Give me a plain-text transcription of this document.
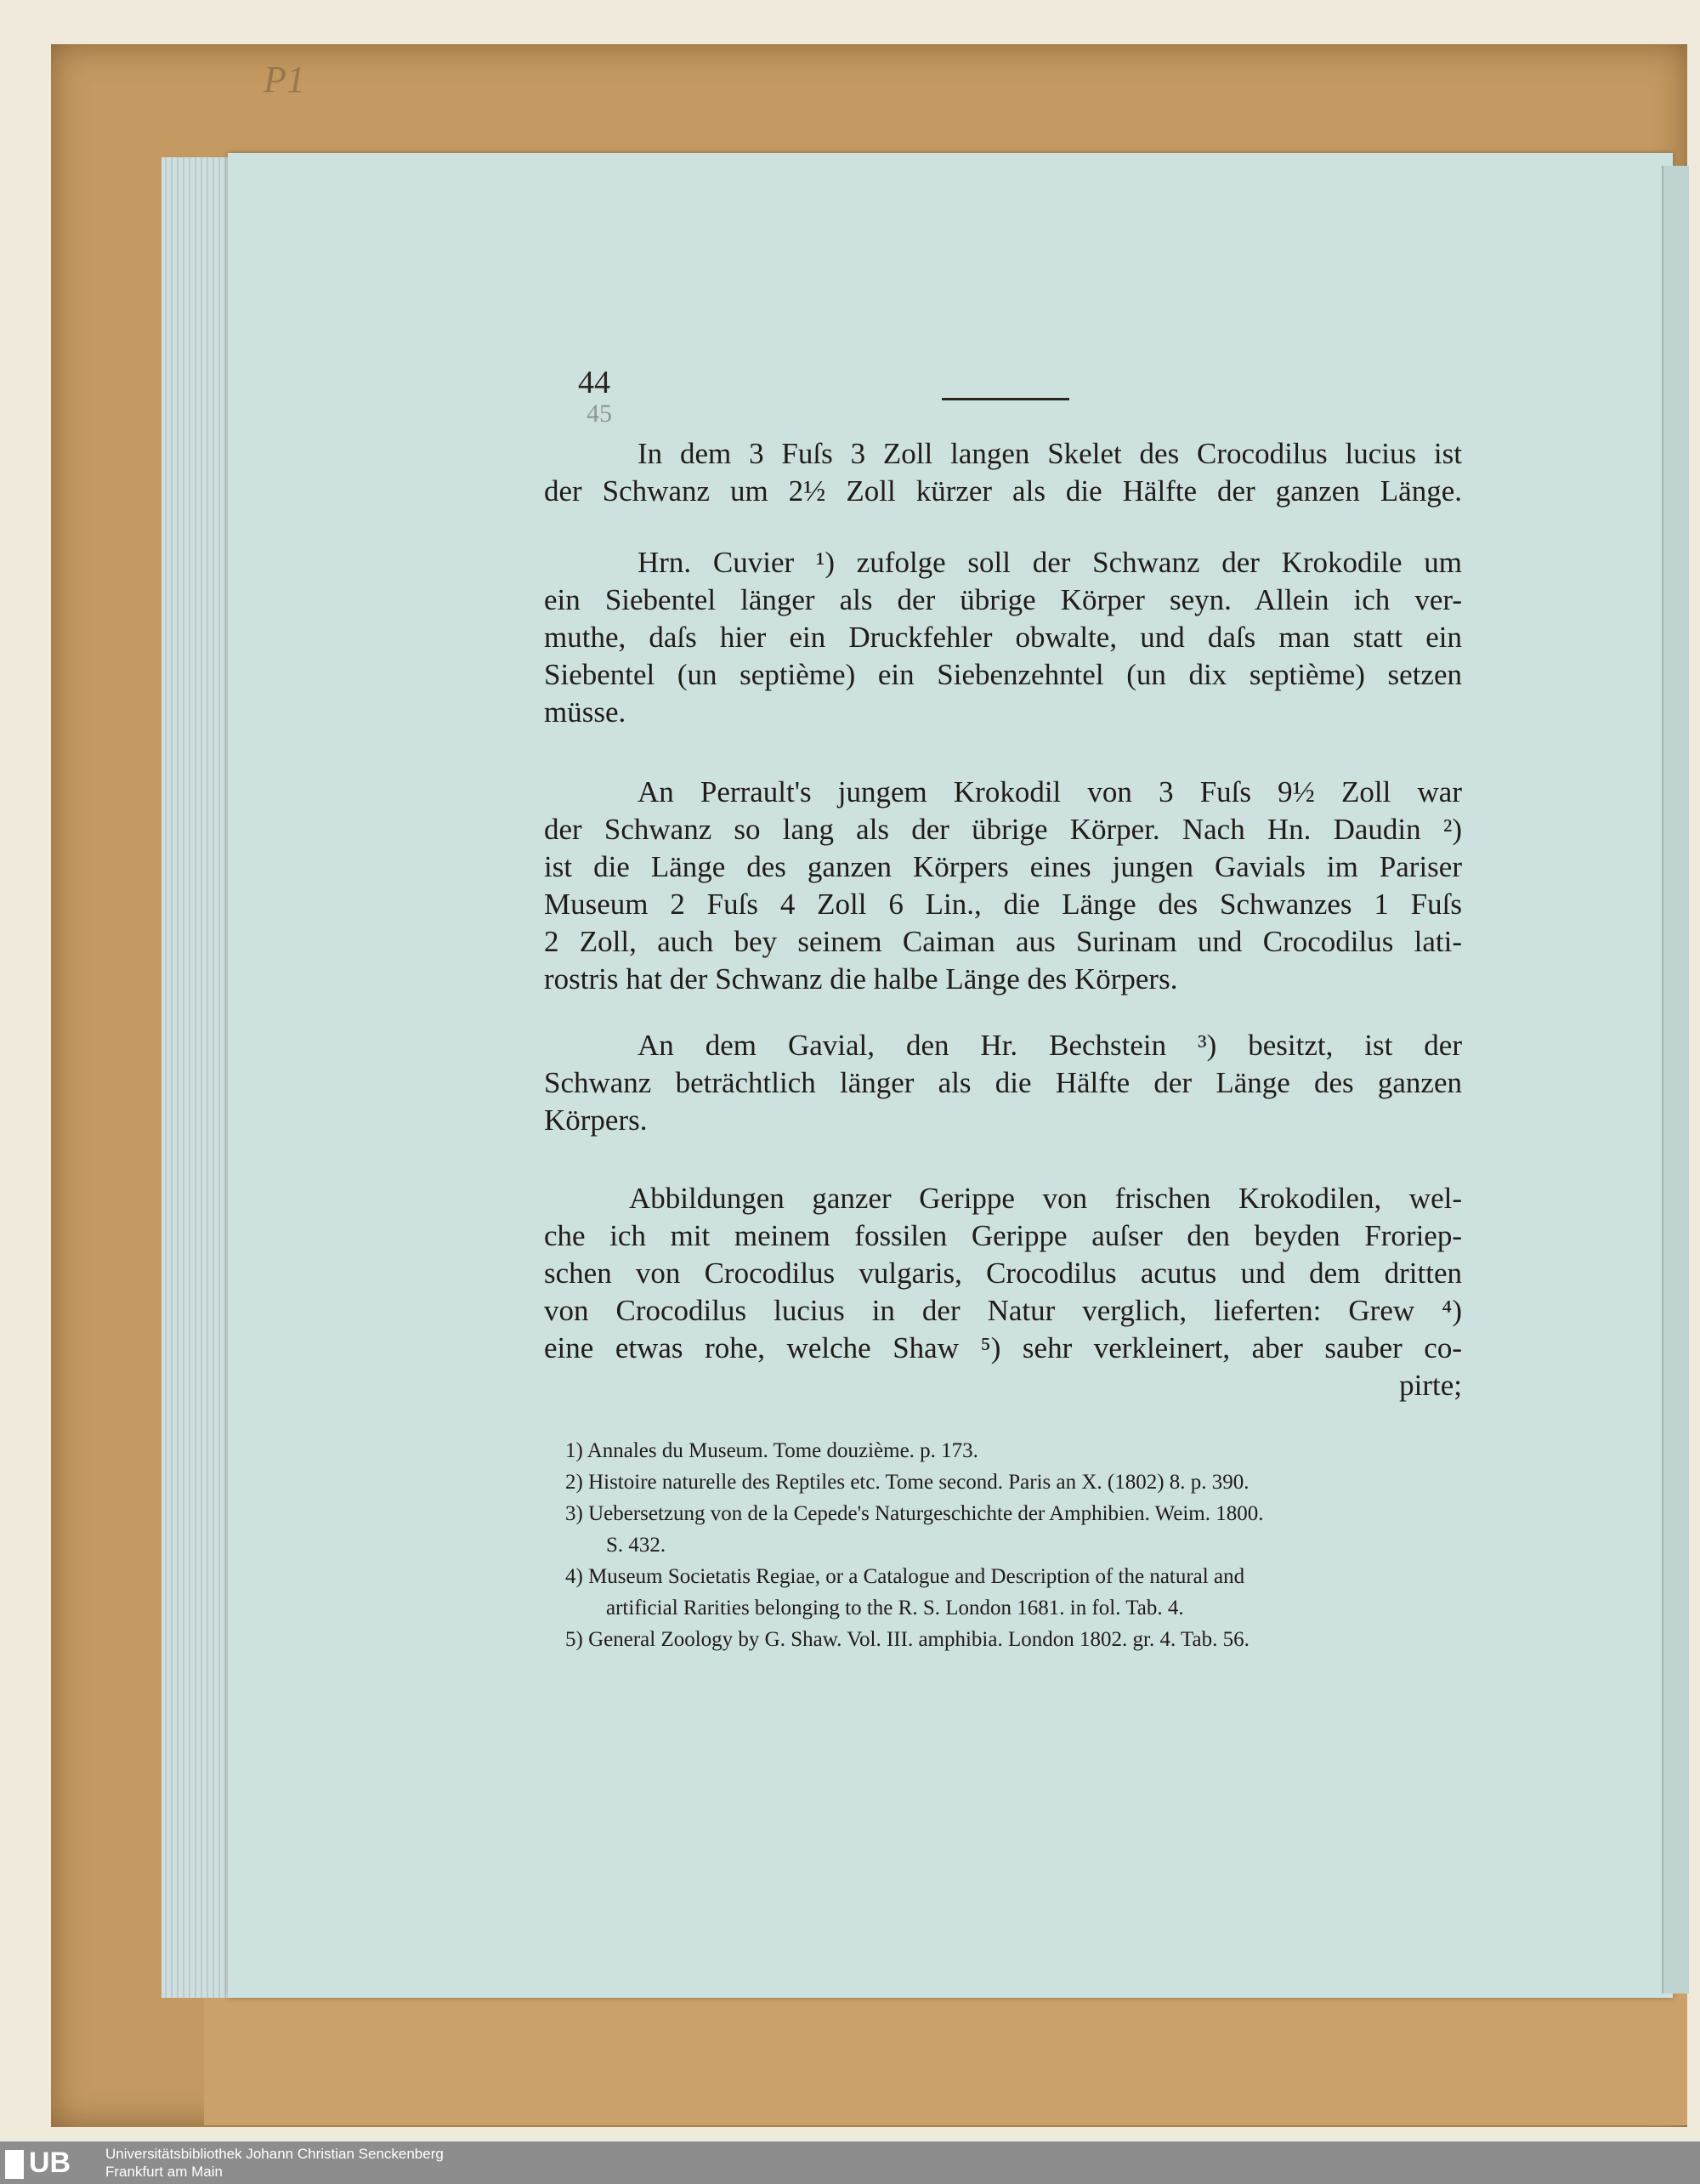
P1
44
45
In dem 3 Fuſs 3 Zoll langen Skelet des Crocodilus lucius ist
der Schwanz um 2½ Zoll kürzer als die Hälfte der ganzen Länge.
Hrn. Cuvier ¹) zufolge soll der Schwanz der Krokodile um
ein Siebentel länger als der übrige Körper seyn. Allein ich ver-
muthe, daſs hier ein Druckfehler obwalte, und daſs man statt ein
Siebentel (un septième) ein Siebenzehntel (un dix septième) setzen
müsse.
An Perrault's jungem Krokodil von 3 Fuſs 9½ Zoll war
der Schwanz so lang als der übrige Körper. Nach Hn. Daudin ²)
ist die Länge des ganzen Körpers eines jungen Gavials im Pariser
Museum 2 Fuſs 4 Zoll 6 Lin., die Länge des Schwanzes 1 Fuſs
2 Zoll, auch bey seinem Caiman aus Surinam und Crocodilus lati-
rostris hat der Schwanz die halbe Länge des Körpers.
An dem Gavial, den Hr. Bechstein ³) besitzt, ist der
Schwanz beträchtlich länger als die Hälfte der Länge des ganzen
Körpers.
Abbildungen ganzer Gerippe von frischen Krokodilen, wel-
che ich mit meinem fossilen Gerippe auſser den beyden Froriep-
schen von Crocodilus vulgaris, Crocodilus acutus und dem dritten
von Crocodilus lucius in der Natur verglich, lieferten: Grew ⁴)
eine etwas rohe, welche Shaw ⁵) sehr verkleinert, aber sauber co-
pirte;
1) Annales du Museum. Tome douzième. p. 173.
2) Histoire naturelle des Reptiles etc. Tome second. Paris an X. (1802) 8. p. 390.
3) Uebersetzung von de la Cepede's Naturgeschichte der Amphibien. Weim. 1800.
S. 432.
4) Museum Societatis Regiae, or a Catalogue and Description of the natural and
artificial Rarities belonging to the R. S. London 1681. in fol. Tab. 4.
5) General Zoology by G. Shaw. Vol. III. amphibia. London 1802. gr. 4. Tab. 56.
UB	Universitätsbibliothek Johann Christian Senckenberg
Frankfurt am Main
